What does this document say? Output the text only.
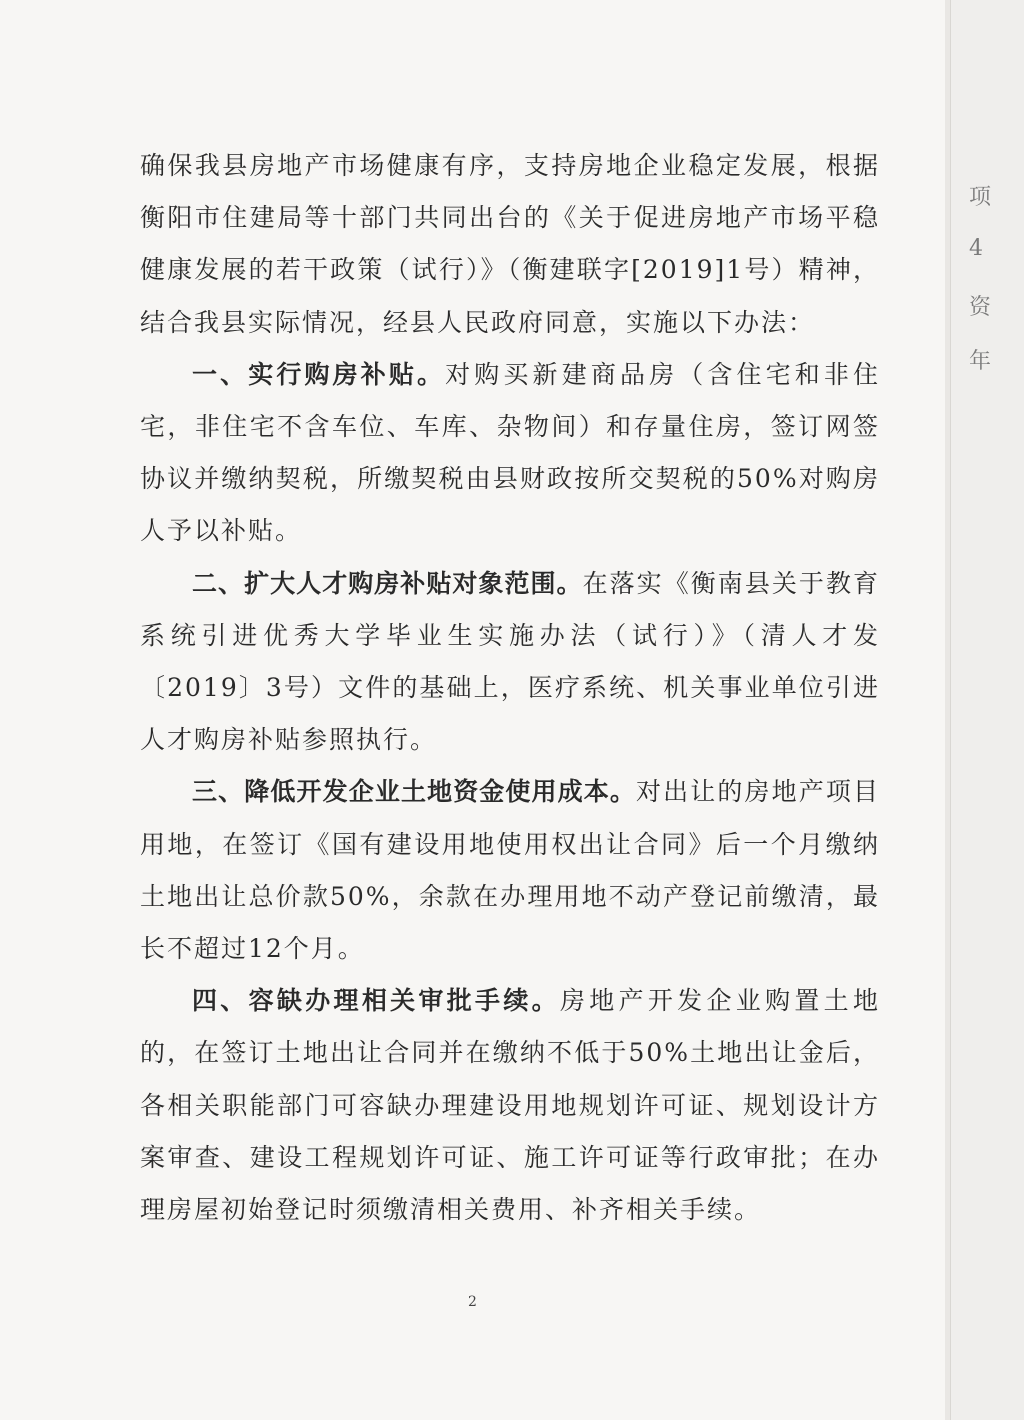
确保我县房地产市场健康有序，支持房地企业稳定发展，根据衡阳市住建局等十部门共同出台的《关于促进房地产市场平稳健康发展的若干政策（试行）》（衡建联字[2019]1号）精神，结合我县实际情况，经县人民政府同意，实施以下办法：

一、实行购房补贴。对购买新建商品房（含住宅和非住宅，非住宅不含车位、车库、杂物间）和存量住房，签订网签协议并缴纳契税，所缴契税由县财政按所交契税的50%对购房人予以补贴。

二、扩大人才购房补贴对象范围。在落实《衡南县关于教育系统引进优秀大学毕业生实施办法（试行）》（清人才发〔2019〕3号）文件的基础上，医疗系统、机关事业单位引进人才购房补贴参照执行。

三、降低开发企业土地资金使用成本。对出让的房地产项目用地，在签订《国有建设用地使用权出让合同》后一个月缴纳土地出让总价款50%，余款在办理用地不动产登记前缴清，最长不超过12个月。

四、容缺办理相关审批手续。房地产开发企业购置土地的，在签订土地出让合同并在缴纳不低于50%土地出让金后，各相关职能部门可容缺办理建设用地规划许可证、规划设计方案审查、建设工程规划许可证、施工许可证等行政审批；在办理房屋初始登记时须缴清相关费用、补齐相关手续。

2
项
4
资
年
